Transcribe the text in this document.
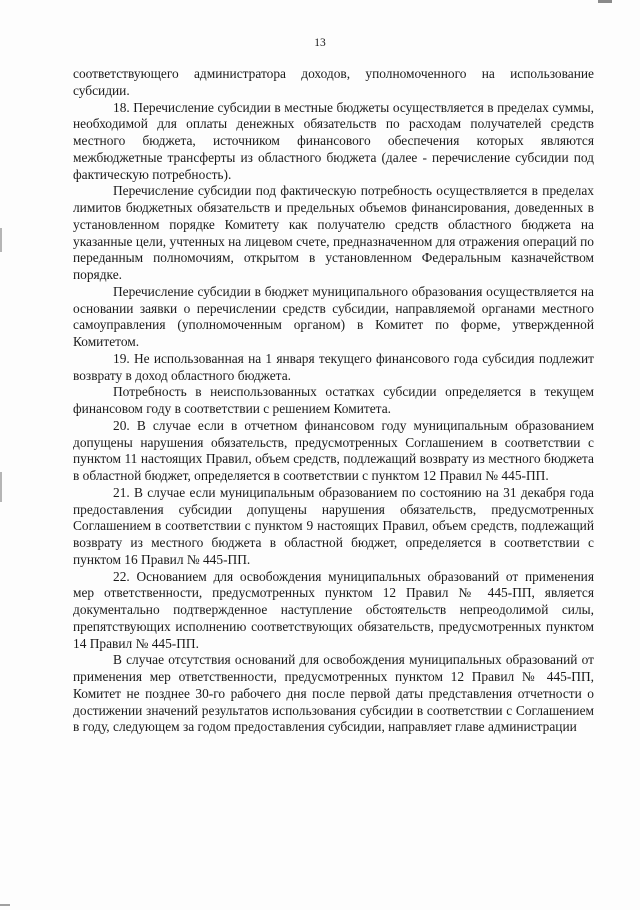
13

соответствующего администратора доходов, уполномоченного на использование субсидии.

18. Перечисление субсидии в местные бюджеты осуществляется в пределах суммы, необходимой для оплаты денежных обязательств по расходам получателей средств местного бюджета, источником финансового обеспечения которых являются межбюджетные трансферты из областного бюджета (далее - перечисление субсидии под фактическую потребность).

Перечисление субсидии под фактическую потребность осуществляется в пределах лимитов бюджетных обязательств и предельных объемов финансирования, доведенных в установленном порядке Комитету как получателю средств областного бюджета на указанные цели, учтенных на лицевом счете, предназначенном для отражения операций по переданным полномочиям, открытом в установленном Федеральным казначейством порядке.

Перечисление субсидии в бюджет муниципального образования осуществляется на основании заявки о перечислении средств субсидии, направляемой органами местного самоуправления (уполномоченным органом) в Комитет по форме, утвержденной Комитетом.

19. Не использованная на 1 января текущего финансового года субсидия подлежит возврату в доход областного бюджета.

Потребность в неиспользованных остатках субсидии определяется в текущем финансовом году в соответствии с решением Комитета.

20. В случае если в отчетном финансовом году муниципальным образованием допущены нарушения обязательств, предусмотренных Соглашением в соответствии с пунктом 11 настоящих Правил, объем средств, подлежащий возврату из местного бюджета в областной бюджет, определяется в соответствии с пунктом 12 Правил № 445-ПП.

21. В случае если муниципальным образованием по состоянию на 31 декабря года предоставления субсидии допущены нарушения обязательств, предусмотренных Соглашением в соответствии с пунктом 9 настоящих Правил, объем средств, подлежащий возврату из местного бюджета в областной бюджет, определяется в соответствии с пунктом 16 Правил № 445-ПП.

22. Основанием для освобождения муниципальных образований от применения мер ответственности, предусмотренных пунктом 12 Правил № 445-ПП, является документально подтвержденное наступление обстоятельств непреодолимой силы, препятствующих исполнению соответствующих обязательств, предусмотренных пунктом 14 Правил № 445-ПП.

В случае отсутствия оснований для освобождения муниципальных образований от применения мер ответственности, предусмотренных пунктом 12 Правил № 445-ПП, Комитет не позднее 30-го рабочего дня после первой даты представления отчетности о достижении значений результатов использования субсидии в соответствии с Соглашением в году, следующем за годом предоставления субсидии, направляет главе администрации
